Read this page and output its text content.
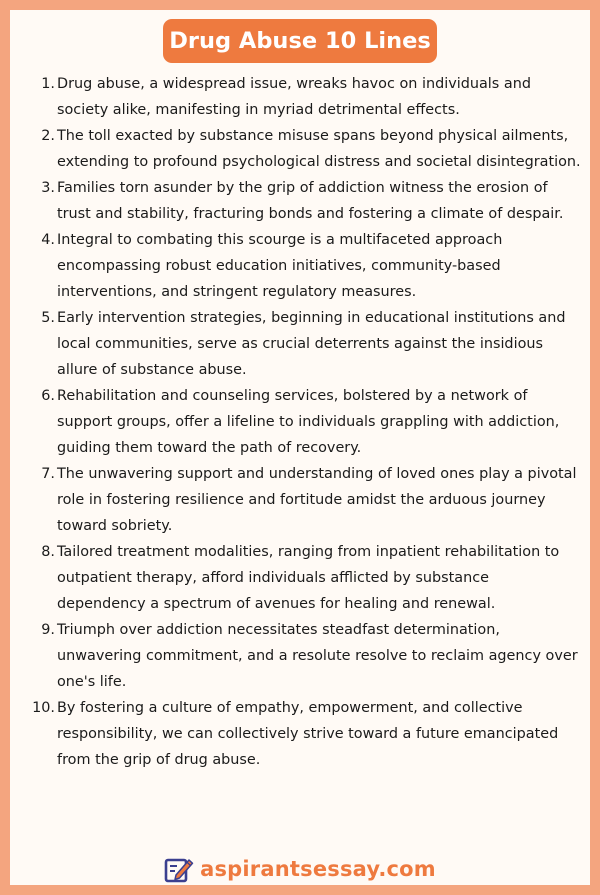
Drug Abuse 10 Lines
1. Drug abuse, a widespread issue, wreaks havoc on individuals and society alike, manifesting in myriad detrimental effects.
2. The toll exacted by substance misuse spans beyond physical ailments, extending to profound psychological distress and societal disintegration.
3. Families torn asunder by the grip of addiction witness the erosion of trust and stability, fracturing bonds and fostering a climate of despair.
4. Integral to combating this scourge is a multifaceted approach encompassing robust education initiatives, community-based interventions, and stringent regulatory measures.
5. Early intervention strategies, beginning in educational institutions and local communities, serve as crucial deterrents against the insidious allure of substance abuse.
6. Rehabilitation and counseling services, bolstered by a network of support groups, offer a lifeline to individuals grappling with addiction, guiding them toward the path of recovery.
7. The unwavering support and understanding of loved ones play a pivotal role in fostering resilience and fortitude amidst the arduous journey toward sobriety.
8. Tailored treatment modalities, ranging from inpatient rehabilitation to outpatient therapy, afford individuals afflicted by substance dependency a spectrum of avenues for healing and renewal.
9. Triumph over addiction necessitates steadfast determination, unwavering commitment, and a resolute resolve to reclaim agency over one's life.
10. By fostering a culture of empathy, empowerment, and collective responsibility, we can collectively strive toward a future emancipated from the grip of drug abuse.
aspirantsessay.com
